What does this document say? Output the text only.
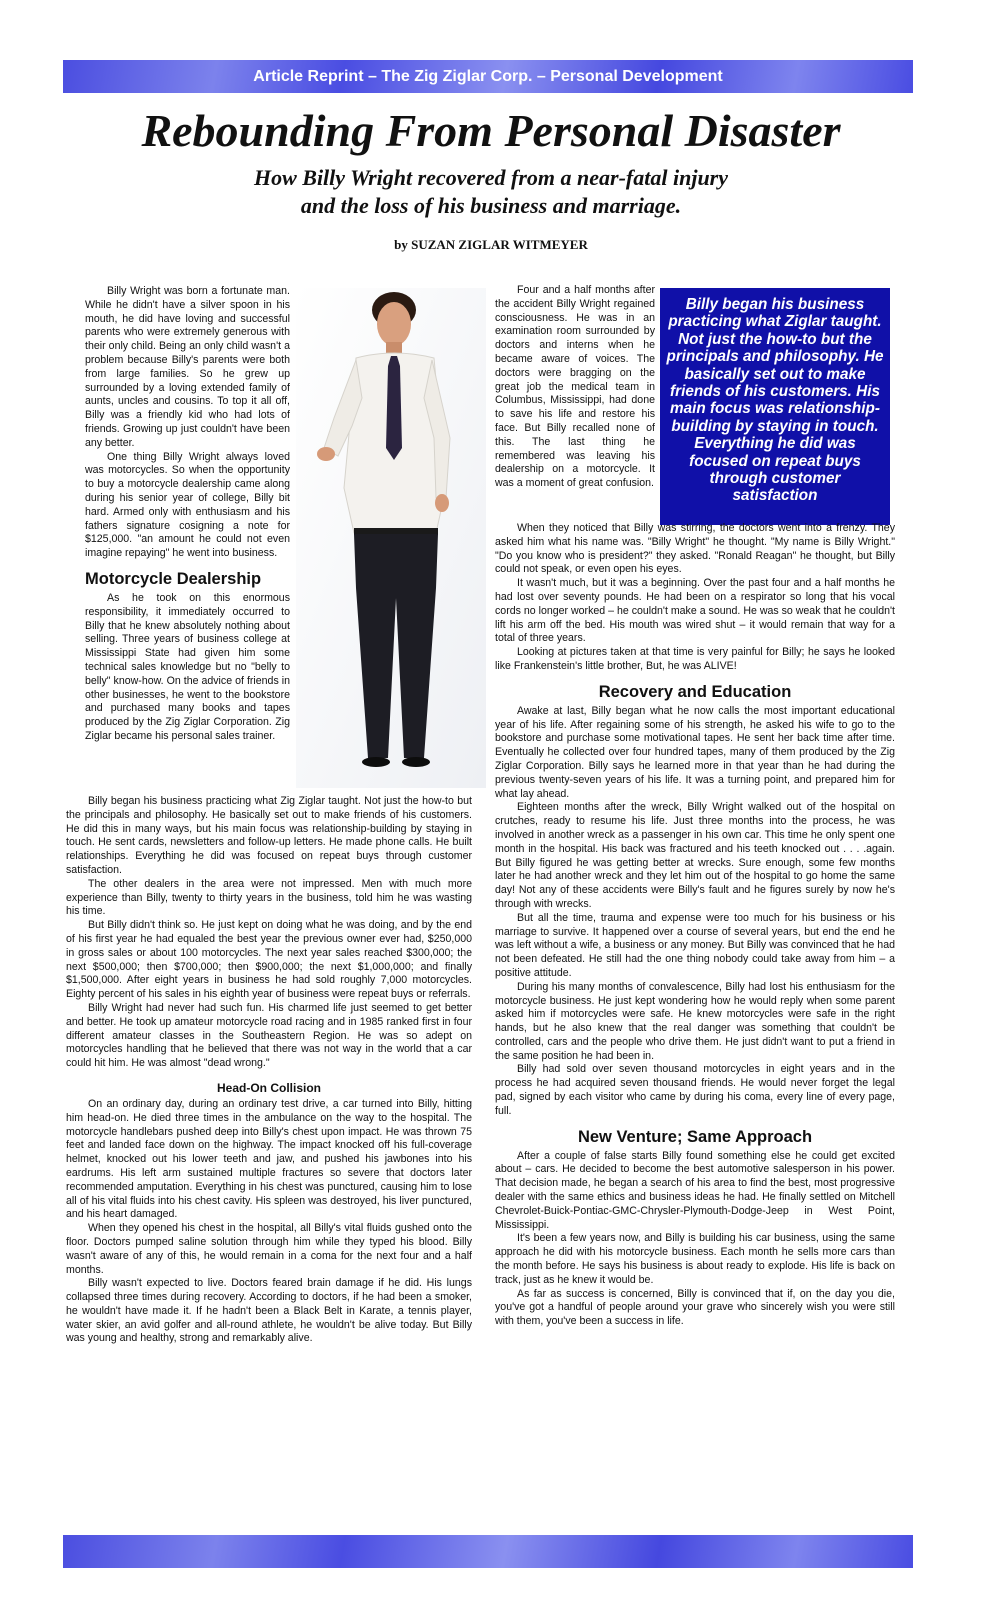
Article Reprint – The Zig Ziglar Corp. – Personal Development
Rebounding From Personal Disaster
How Billy Wright recovered from a near-fatal injury
and the loss of his business and marriage.
by SUZAN ZIGLAR WITMEYER

Billy Wright was born a fortunate man. While he didn't have a silver spoon in his mouth, he did have loving and successful parents who were extremely generous with their only child. Being an only child wasn't a problem because Billy's parents were both from large families. So he grew up surrounded by a loving extended family of aunts, uncles and cousins. To top it all off, Billy was a friendly kid who had lots of friends. Growing up just couldn't have been any better.

One thing Billy Wright always loved was motorcycles. So when the opportunity to buy a motorcycle dealership came along during his senior year of college, Billy bit hard. Armed only with enthusiasm and his fathers signature cosigning a note for $125,000. "an amount he could not even imagine repaying" he went into business.

Motorcycle Dealership

As he took on this enormous responsibility, it immediately occurred to Billy that he knew absolutely nothing about selling. Three years of business college at Mississippi State had given him some technical sales knowledge but no "belly to belly" know-how. On the advice of friends in other businesses, he went to the bookstore and purchased many books and tapes produced by the Zig Ziglar Corporation. Zig Ziglar became his personal sales trainer.

Billy began his business practicing what Zig Ziglar taught. Not just the how-to but the principals and philosophy. He basically set out to make friends of his customers. He did this in many ways, but his main focus was relationship-building by staying in touch. He sent cards, newsletters and follow-up letters. He made phone calls. He built relationships. Everything he did was focused on repeat buys through customer satisfaction.

The other dealers in the area were not impressed. Men with much more experience than Billy, twenty to thirty years in the business, told him he was wasting his time.

But Billy didn't think so. He just kept on doing what he was doing, and by the end of his first year he had equaled the best year the previous owner ever had, $250,000 in gross sales or about 100 motorcycles. The next year sales reached $300,000; the next $500,000; then $700,000; then $900,000; the next $1,000,000; and finally $1,500,000. After eight years in business he had sold roughly 7,000 motorcycles. Eighty percent of his sales in his eighth year of business were repeat buys or referrals.

Billy Wright had never had such fun. His charmed life just seemed to get better and better. He took up amateur motorcycle road racing and in 1985 ranked first in four different amateur classes in the Southeastern Region. He was so adept on motorcycles handling that he believed that there was not way in the world that a car could hit him. He was almost "dead wrong."

Head-On Collision

On an ordinary day, during an ordinary test drive, a car turned into Billy, hitting him head-on. He died three times in the ambulance on the way to the hospital. The motorcycle handlebars pushed deep into Billy's chest upon impact. He was thrown 75 feet and landed face down on the highway. The impact knocked off his full-coverage helmet, knocked out his lower teeth and jaw, and pushed his jawbones into his eardrums. His left arm sustained multiple fractures so severe that doctors later recommended amputation. Everything in his chest was punctured, causing him to lose all of his vital fluids into his chest cavity. His spleen was destroyed, his liver punctured, and his heart damaged.

When they opened his chest in the hospital, all Billy's vital fluids gushed onto the floor. Doctors pumped saline solution through him while they typed his blood. Billy wasn't aware of any of this, he would remain in a coma for the next four and a half months.

Billy wasn't expected to live. Doctors feared brain damage if he did. His lungs collapsed three times during recovery. According to doctors, if he had been a smoker, he wouldn't have made it. If he hadn't been a Black Belt in Karate, a tennis player, water skier, an avid golfer and all-round athlete, he wouldn't be alive today. But Billy was young and healthy, strong and remarkably alive.

Four and a half months after the accident Billy Wright regained consciousness. He was in an examination room surrounded by doctors and interns when he became aware of voices. The doctors were bragging on the great job the medical team in Columbus, Mississippi, had done to save his life and restore his face. But Billy recalled none of this. The last thing he remembered was leaving his dealership on a motorcycle. It was a moment of great confusion.

Billy began his business practicing what Ziglar taught. Not just the how-to but the principals and philosophy. He basically set out to make friends of his customers. His main focus was relationship-building by staying in touch. Everything he did was focused on repeat buys through customer satisfaction

When they noticed that Billy was stirring, the doctors went into a frenzy. They asked him what his name was. "Billy Wright" he thought. "My name is Billy Wright." "Do you know who is president?" they asked. "Ronald Reagan" he thought, but Billy could not speak, or even open his eyes.

It wasn't much, but it was a beginning. Over the past four and a half months he had lost over seventy pounds. He had been on a respirator so long that his vocal cords no longer worked – he couldn't make a sound. He was so weak that he couldn't lift his arm off the bed. His mouth was wired shut – it would remain that way for a total of three years.

Looking at pictures taken at that time is very painful for Billy; he says he looked like Frankenstein's little brother, But, he was ALIVE!

Recovery and Education

Awake at last, Billy began what he now calls the most important educational year of his life. After regaining some of his strength, he asked his wife to go to the bookstore and purchase some motivational tapes. He sent her back time after time. Eventually he collected over four hundred tapes, many of them produced by the Zig Ziglar Corporation. Billy says he learned more in that year than he had during the previous twenty-seven years of his life. It was a turning point, and prepared him for what lay ahead.

Eighteen months after the wreck, Billy Wright walked out of the hospital on crutches, ready to resume his life. Just three months into the process, he was involved in another wreck as a passenger in his own car. This time he only spent one month in the hospital. His back was fractured and his teeth knocked out . . . .again. But Billy figured he was getting better at wrecks. Sure enough, some few months later he had another wreck and they let him out of the hospital to go home the same day! Not any of these accidents were Billy's fault and he figures surely by now he's through with wrecks.

But all the time, trauma and expense were too much for his business or his marriage to survive. It happened over a course of several years, but end the end he was left without a wife, a business or any money. But Billy was convinced that he had not been defeated. He still had the one thing nobody could take away from him – a positive attitude.

During his many months of convalescence, Billy had lost his enthusiasm for the motorcycle business. He just kept wondering how he would reply when some parent asked him if motorcycles were safe. He knew motorcycles were safe in the right hands, but he also knew that the real danger was something that couldn't be controlled, cars and the people who drive them. He just didn't want to put a friend in the same position he had been in.

Billy had sold over seven thousand motorcycles in eight years and in the process he had acquired seven thousand friends. He would never forget the legal pad, signed by each visitor who came by during his coma, every line of every page, full.

New Venture; Same Approach

After a couple of false starts Billy found something else he could get excited about – cars. He decided to become the best automotive salesperson in his power. That decision made, he began a search of his area to find the best, most progressive dealer with the same ethics and business ideas he had. He finally settled on Mitchell Chevrolet-Buick-Pontiac-GMC-Chrysler-Plymouth-Dodge-Jeep in West Point, Mississippi.

It's been a few years now, and Billy is building his car business, using the same approach he did with his motorcycle business. Each month he sells more cars than the month before. He says his business is about ready to explode. His life is back on track, just as he knew it would be.

As far as success is concerned, Billy is convinced that if, on the day you die, you've got a handful of people around your grave who sincerely wish you were still with them, you've been a success in life.
